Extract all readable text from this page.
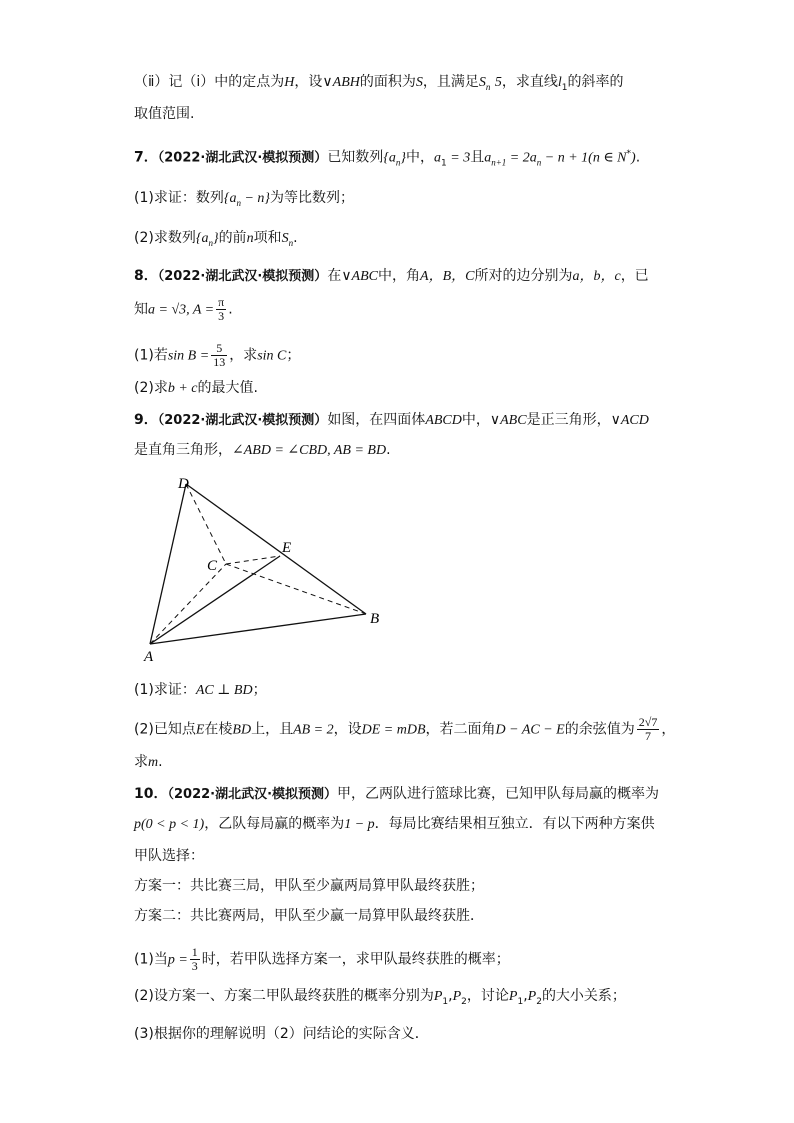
（ⅱ）记（ⅰ）中的定点为H，设∨ABH的面积为S，且满足$S_n$ 5，求直线$l_1$的斜率的
取值范围.
7．（2022·湖北武汉·模拟预测）已知数列$\{a_n\}$中，$a_1 = 3$且$a_{n+1} = 2a_n - n + 1(n$ ∈ N*).
(1)求证：数列$\{a_n - n\}$为等比数列；
(2)求数列$\{a_n\}$的前n项和$S_n$.
8．（2022·湖北武汉·模拟预测）在∨ABC中，角A，B，C所对的边分别为a，b，c，已
知a = √3, $A = \frac{\pi}{3}$ .
(1)若$\sin B = \frac{5}{13}$ ，求sin C；
(2)求b + c的最大值.
9．（2022·湖北武汉·模拟预测）如图，在四面体ABCD中，∨ABC是正三角形，∨ACD
是直角三角形，∠ABD = ∠CBD, AB = BD.
D
E
C
B
A
(1)求证：AC ⊥ BD；
(2)已知点E在棱BD上，且AB = 2，设DE = mDB，若二面角D − AC − E的余弦值为 $\frac{2√7}{7}$ ，
求m.
10．（2022·湖北武汉·模拟预测）甲，乙两队进行篮球比赛，已知甲队每局赢的概率为
p(0 < p < 1)，乙队每局赢的概率为1 − p．每局比赛结果相互独立．有以下两种方案供
甲队选择：
方案一：共比赛三局，甲队至少赢两局算甲队最终获胜；
方案二：共比赛两局，甲队至少赢一局算甲队最终获胜．
(1)当$p = \frac{1}{3}$ 时，若甲队选择方案一，求甲队最终获胜的概率；
(2)设方案一、方案二甲队最终获胜的概率分别为$P_1,P_2$，讨论$P_1,P_2$的大小关系；
(3)根据你的理解说明（2）问结论的实际含义．
